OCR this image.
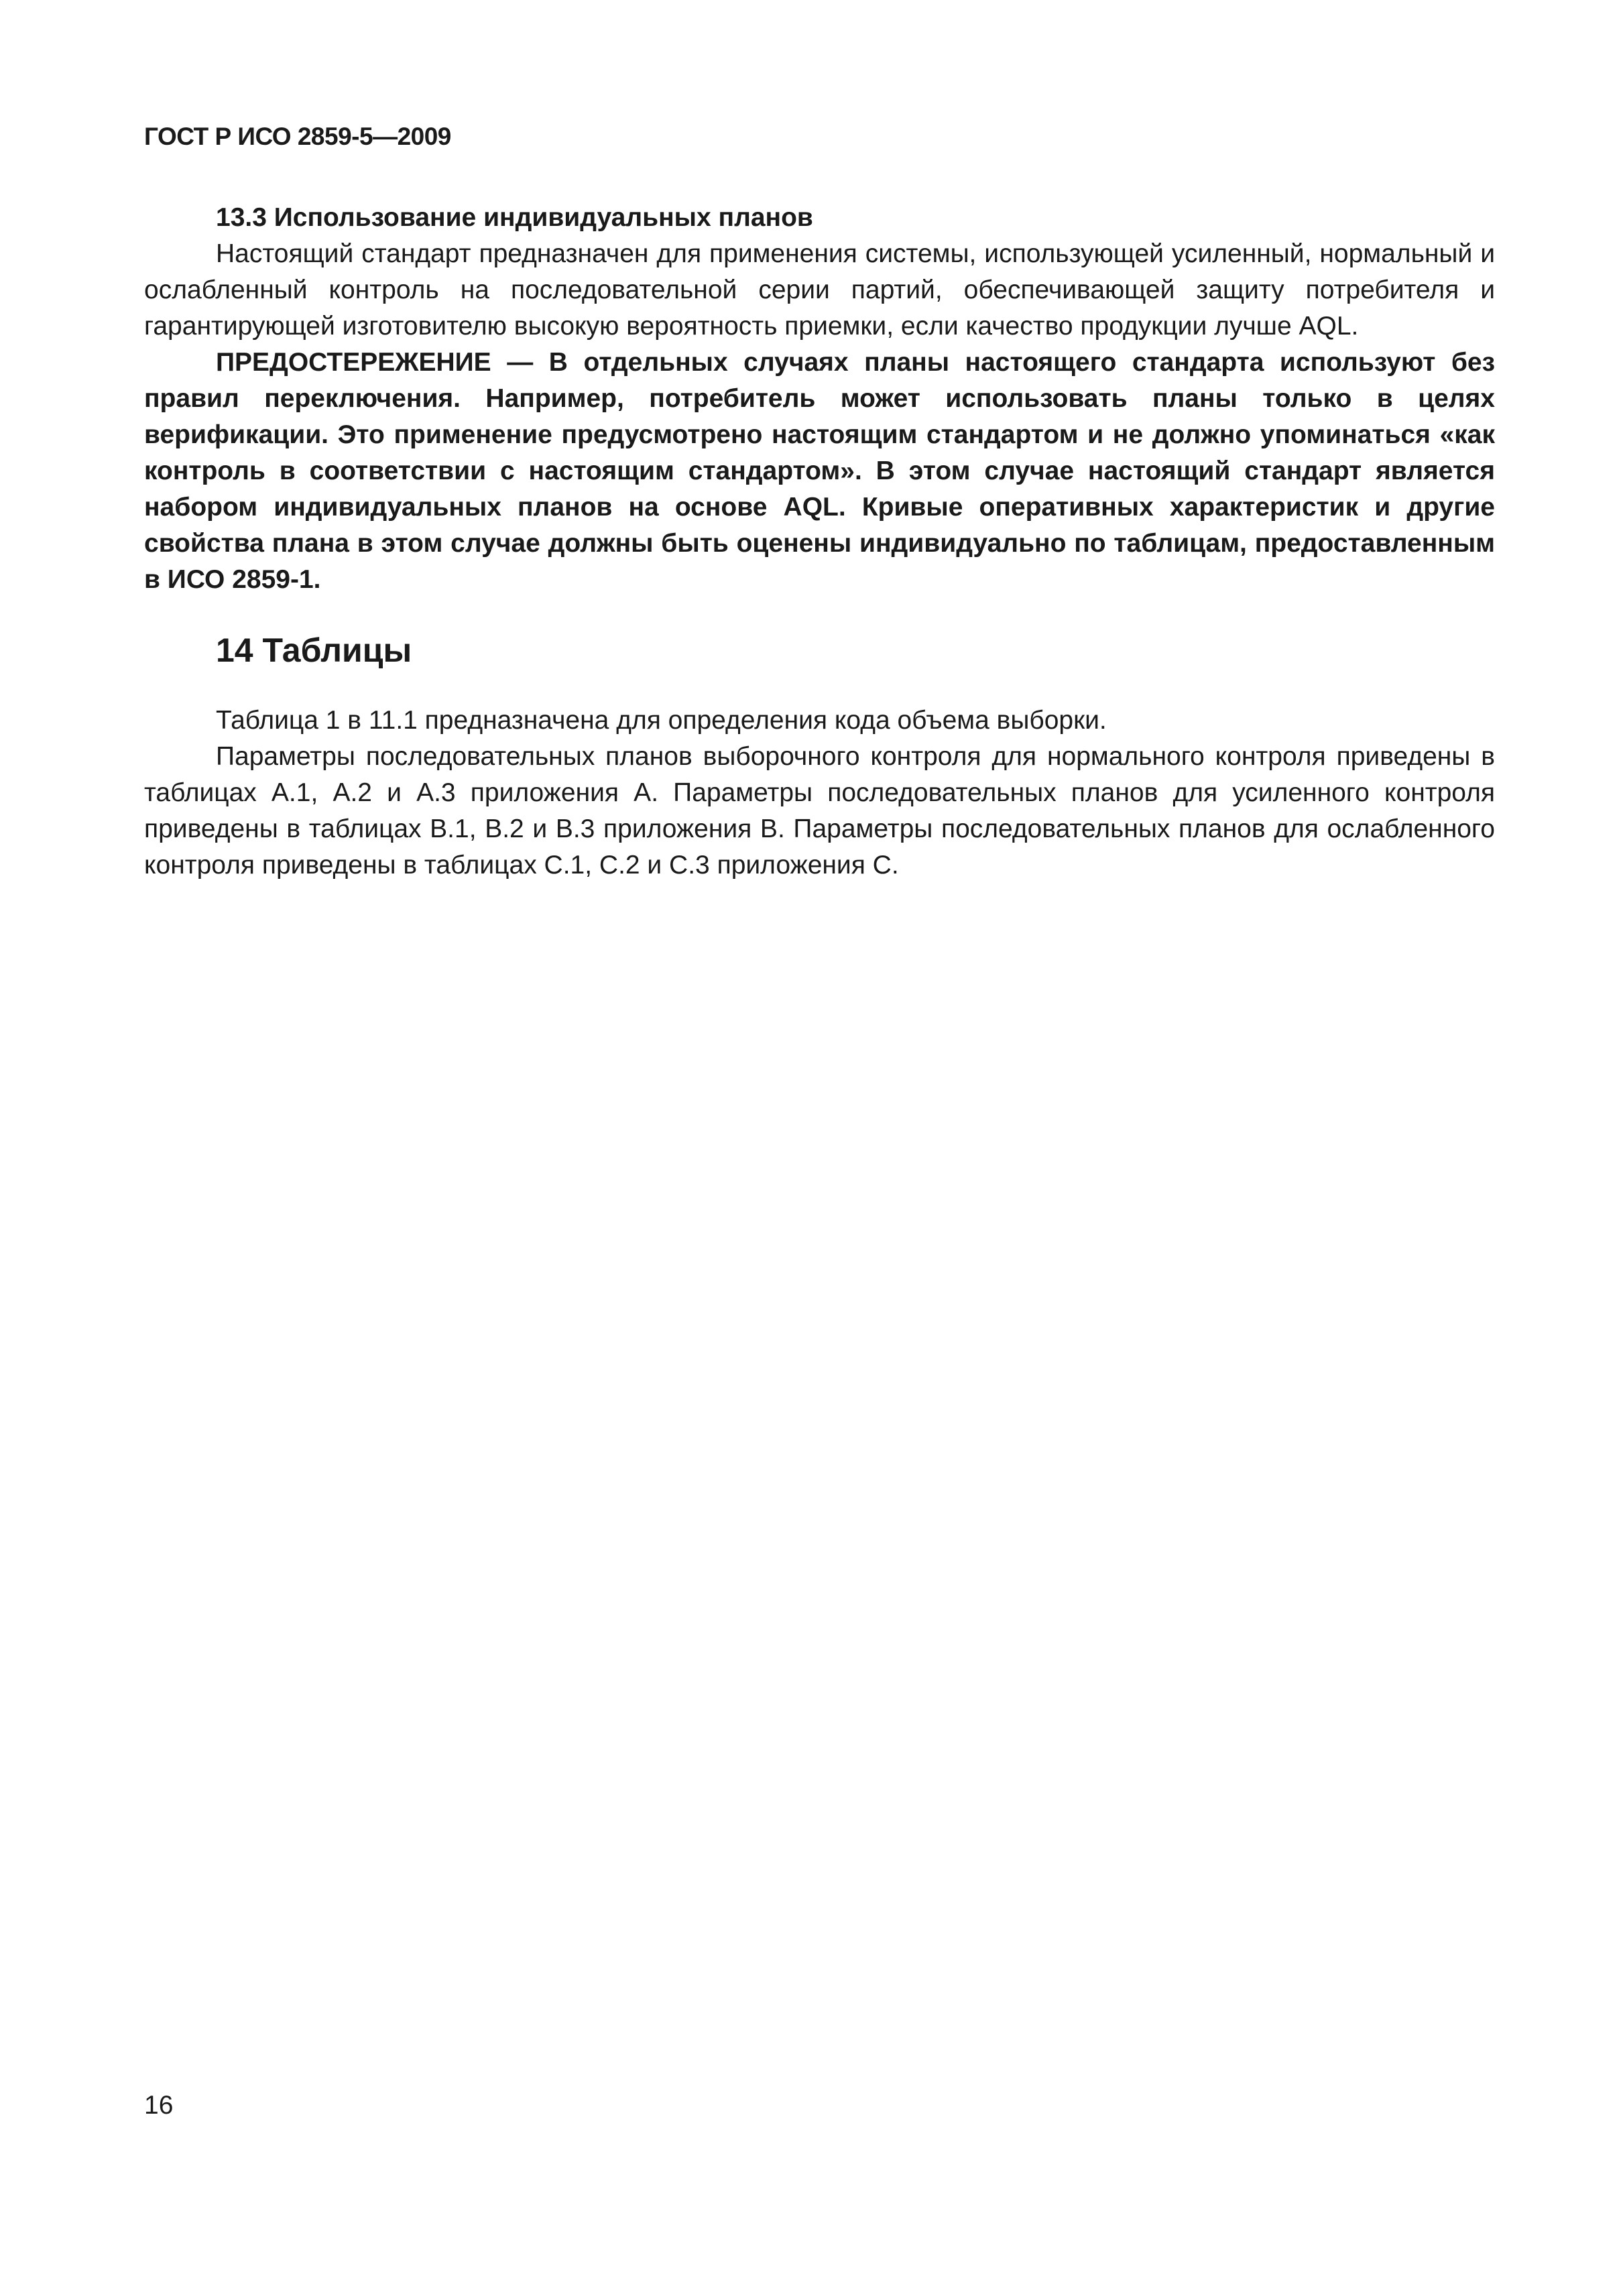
ГОСТ Р ИСО 2859-5—2009

13.3 Использование индивидуальных планов

Настоящий стандарт предназначен для применения системы, использующей усиленный, нормальный и ослабленный контроль на последовательной серии партий, обеспечивающей защиту потребителя и гарантирующей изготовителю высокую вероятность приемки, если качество продукции лучше AQL.

ПРЕДОСТЕРЕЖЕНИЕ — В отдельных случаях планы настоящего стандарта используют без правил переключения. Например, потребитель может использовать планы только в целях верификации. Это применение предусмотрено настоящим стандартом и не должно упоминаться «как контроль в соответствии с настоящим стандартом». В этом случае настоящий стандарт является набором индивидуальных планов на основе AQL. Кривые оперативных характеристик и другие свойства плана в этом случае должны быть оценены индивидуально по таблицам, предоставленным в ИСО 2859-1.

14 Таблицы

Таблица 1 в 11.1 предназначена для определения кода объема выборки.

Параметры последовательных планов выборочного контроля для нормального контроля приведены в таблицах А.1, А.2 и А.3 приложения А. Параметры последовательных планов для усиленного контроля приведены в таблицах В.1, В.2 и В.3 приложения В. Параметры последовательных планов для ослабленного контроля приведены в таблицах С.1, С.2 и С.3 приложения С.

16
